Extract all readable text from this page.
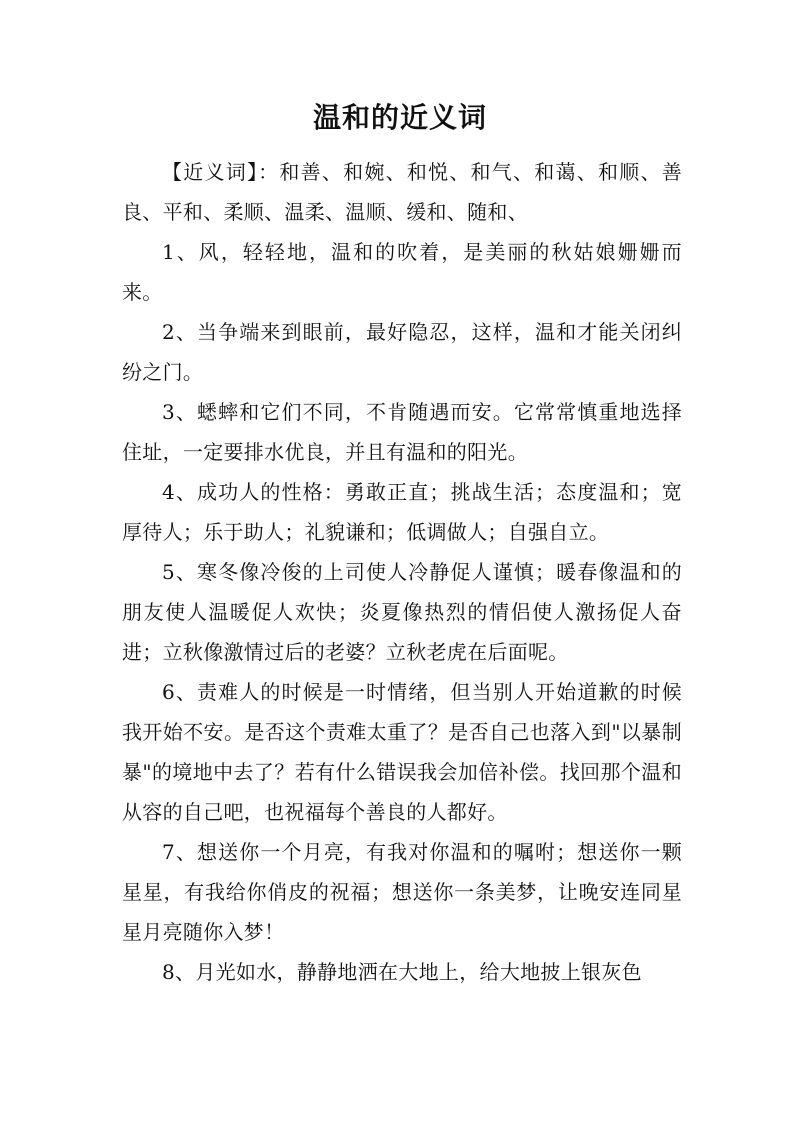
温和的近义词

【近义词】：和善、和婉、和悦、和气、和蔼、和顺、善良、平和、柔顺、温柔、温顺、缓和、随和、

1、风，轻轻地，温和的吹着，是美丽的秋姑娘姗姗而来。

2、当争端来到眼前，最好隐忍，这样，温和才能关闭纠纷之门。

3、蟋蟀和它们不同，不肯随遇而安。它常常慎重地选择住址，一定要排水优良，并且有温和的阳光。

4、成功人的性格：勇敢正直；挑战生活；态度温和；宽厚待人；乐于助人；礼貌谦和；低调做人；自强自立。

5、寒冬像冷俊的上司使人冷静促人谨慎；暖春像温和的朋友使人温暖促人欢快；炎夏像热烈的情侣使人激扬促人奋进；立秋像激情过后的老婆？立秋老虎在后面呢。

6、责难人的时候是一时情绪，但当别人开始道歉的时候我开始不安。是否这个责难太重了？是否自己也落入到"以暴制暴"的境地中去了？若有什么错误我会加倍补偿。找回那个温和从容的自己吧，也祝福每个善良的人都好。

7、想送你一个月亮，有我对你温和的嘱咐；想送你一颗星星，有我给你俏皮的祝福；想送你一条美梦，让晚安连同星星月亮随你入梦！

8、月光如水，静静地洒在大地上，给大地披上银灰色
